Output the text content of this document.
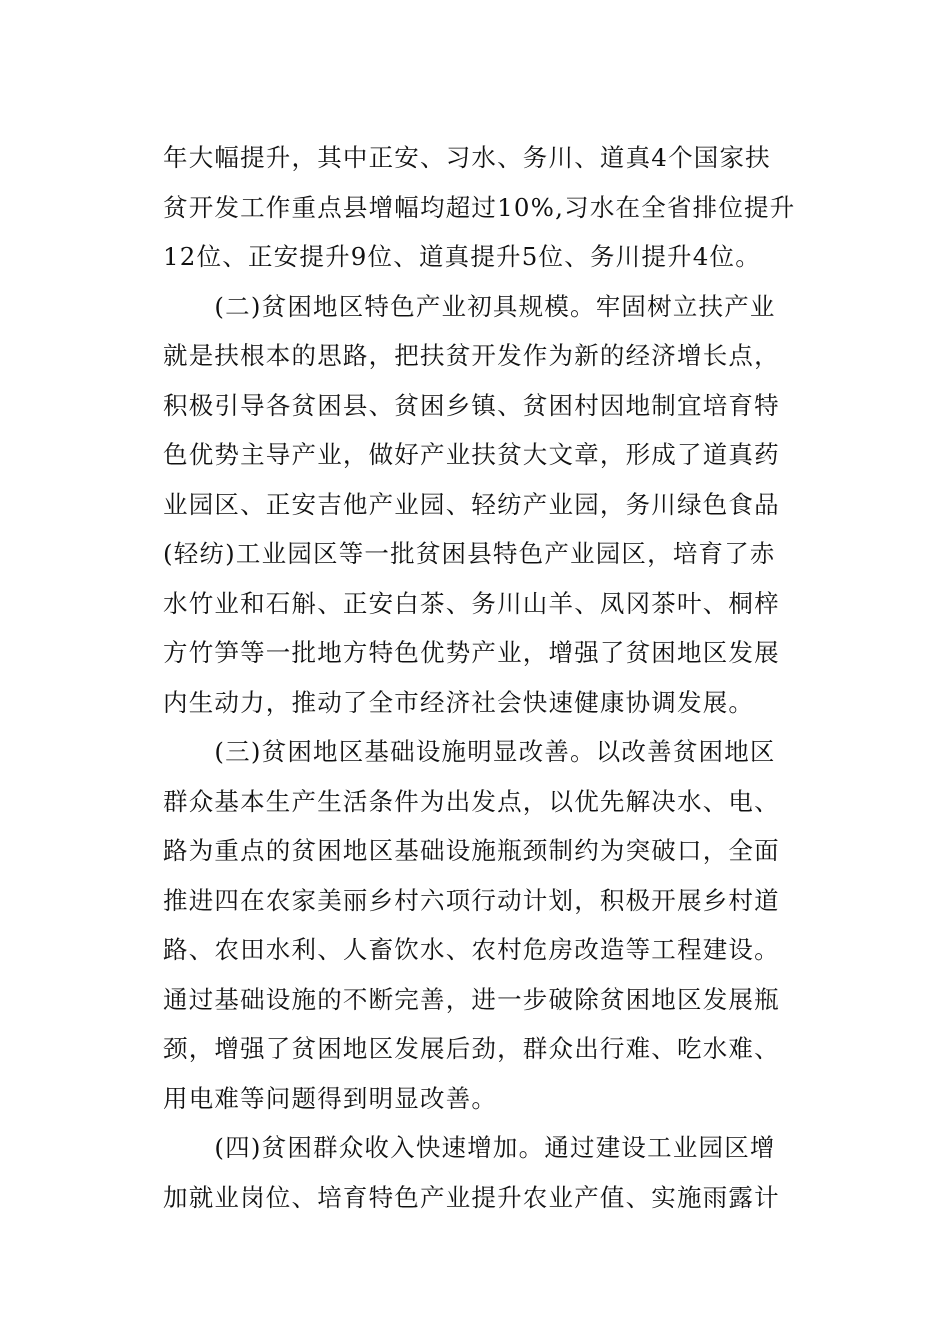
年大幅提升，其中正安、习水、务川、道真4个国家扶
贫开发工作重点县增幅均超过10%,习水在全省排位提升
12位、正安提升9位、道真提升5位、务川提升4位。
　　(二)贫困地区特色产业初具规模。牢固树立扶产业
就是扶根本的思路，把扶贫开发作为新的经济增长点，
积极引导各贫困县、贫困乡镇、贫困村因地制宜培育特
色优势主导产业，做好产业扶贫大文章，形成了道真药
业园区、正安吉他产业园、轻纺产业园，务川绿色食品
(轻纺)工业园区等一批贫困县特色产业园区，培育了赤
水竹业和石斛、正安白茶、务川山羊、凤冈茶叶、桐梓
方竹笋等一批地方特色优势产业，增强了贫困地区发展
内生动力，推动了全市经济社会快速健康协调发展。
　　(三)贫困地区基础设施明显改善。以改善贫困地区
群众基本生产生活条件为出发点，以优先解决水、电、
路为重点的贫困地区基础设施瓶颈制约为突破口，全面
推进四在农家美丽乡村六项行动计划，积极开展乡村道
路、农田水利、人畜饮水、农村危房改造等工程建设。
通过基础设施的不断完善，进一步破除贫困地区发展瓶
颈，增强了贫困地区发展后劲，群众出行难、吃水难、
用电难等问题得到明显改善。
　　(四)贫困群众收入快速增加。通过建设工业园区增
加就业岗位、培育特色产业提升农业产值、实施雨露计
